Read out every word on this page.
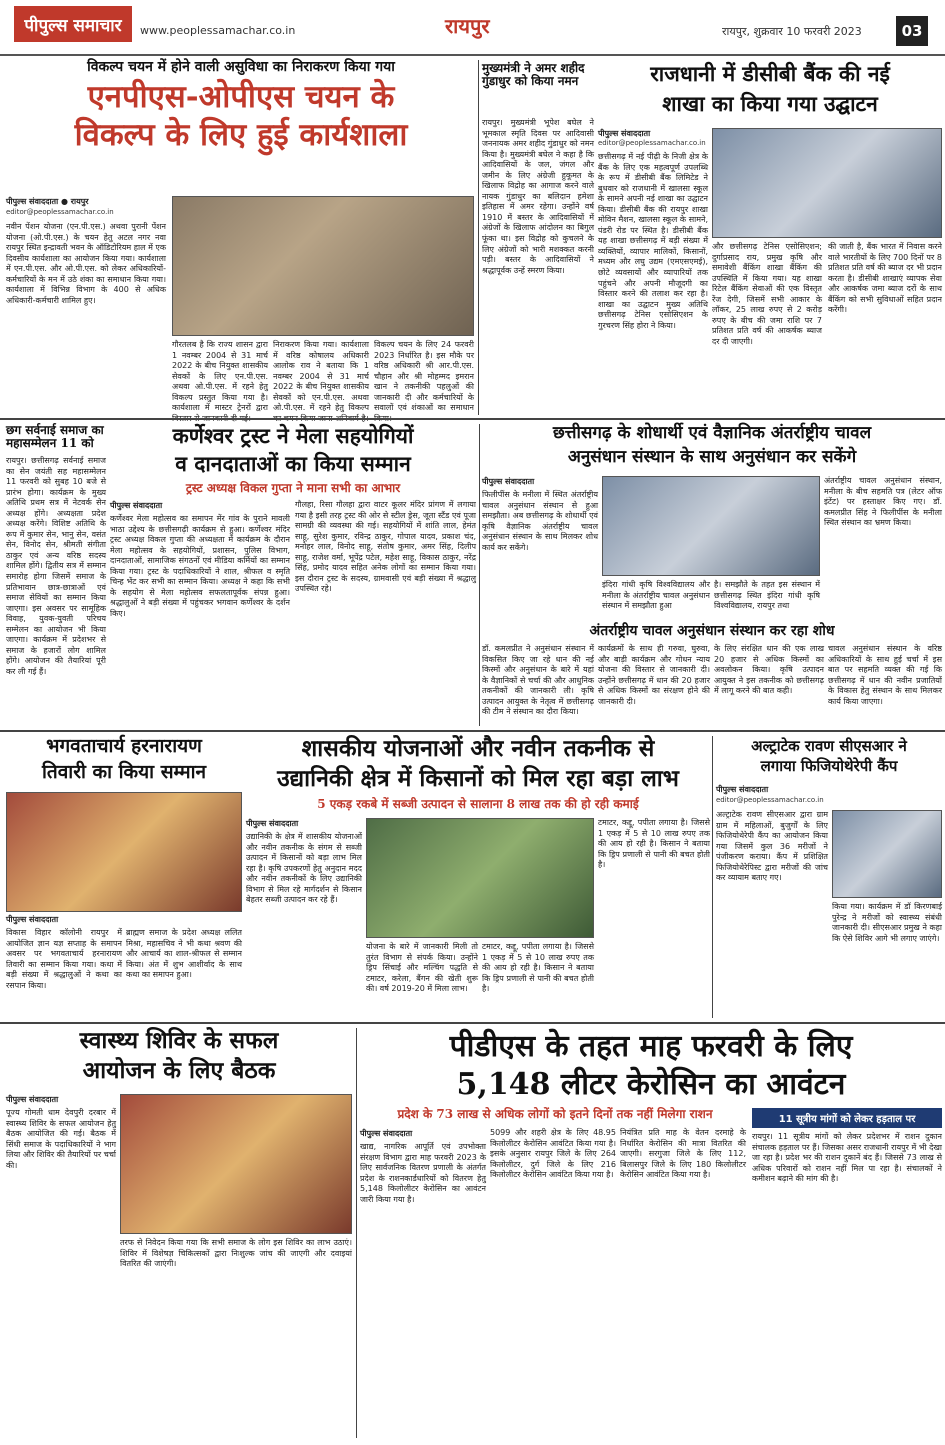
पीपुल्स समाचार	www.peoplessamachar.co.in	रायपुर	रायपुर, शुक्रवार 10 फरवरी 2023	03
विकल्प चयन में होने वाली असुविधा का निराकरण किया गया
एनपीएस-ओपीएस चयन के
विकल्प के लिए हुई कार्यशाला
पीपुल्स संवाददाता ● रायपुर
editor@peoplessamachar.co.in
नवीन पेंशन योजना (एन.पी.एस.) अथवा पुरानी पेंशन योजना (ओ.पी.एस.) के चयन हेतु अटल नगर नवा रायपुर स्थित इन्द्रावती भवन के ऑडिटोरियम हाल में एक दिवसीय कार्यशाला का आयोजन किया गया। कार्यशाला में एन.पी.एस. और ओ.पी.एस. को लेकर अधिकारियों-कर्मचारियों के मन में उठे शंका का समाधान किया गया। कार्यशाला में विभिन्न विभाग के 400 से अधिक अधिकारी-कर्मचारी शामिल हुए।
गौरतलब है कि राज्य शासन द्वारा 1 नवम्बर 2004 से 31 मार्च 2022 के बीच नियुक्त शासकीय सेवकों के लिए एन.पी.एस. अथवा ओ.पी.एस. में रहने हेतु विकल्प प्रस्तुत किया गया है। कार्यशाला में मास्टर ट्रेनरों द्वारा
निराकरण किया गया। कार्यशाला में वरिष्ठ कोषालय अधिकारी आलोक राव ने बताया कि 1 नवम्बर 2004 से 31 मार्च 2022 के बीच नियुक्त शासकीय सेवकों को एन.पी.एस. अथवा ओ.पी.एस. में रहने हेतु विकल्प
विकल्प चयन के लिए 24 फरवरी 2023 निर्धारित है। इस मौके पर वरिष्ठ अधिकारी श्री आर.पी.एस. चौहान और श्री मोहम्मद इमरान खान ने तकनीकी पहलुओं की जानकारी दी और कर्मचारियों के सवालों एवं शंकाओं का समाधान
मुख्यमंत्री ने अमर शहीद गुंडाधुर को किया नमन
रायपुर। मुख्यमंत्री भूपेश बघेल ने भूमकाल स्मृति दिवस पर आदिवासी जननायक अमर शहीद गुंडाधुर को नमन किया है। मुख्यमंत्री बघेल ने कहा है कि आदिवासियों के जल, जंगल और जमीन के लिए अंग्रेजी हुकूमत के खिलाफ विद्रोह का आगाज करने वाले नायक गुंडाधुर का बलिदान हमेशा इतिहास में अमर रहेगा। उन्होंने वर्ष 1910 में बस्तर के आदिवासियों में अंग्रेजों के खिलाफ आंदोलन का बिगुल फूंका था। इस विद्रोह को कुचलने के लिए अंग्रेजों को भारी मशक्कत करनी पड़ी। बस्तर के आदिवासियों ने श्रद्धापूर्वक उन्हें स्मरण किया।
राजधानी में डीसीबी बैंक की नई
शाखा का किया गया उद्घाटन
पीपुल्स संवाददाता
editor@peoplessamachar.co.in
छत्तीसगढ़ में नई पीढ़ी के निजी क्षेत्र के बैंक के लिए एक महत्वपूर्ण उपलब्धि के रूप में डीसीबी बैंक लिमिटेड ने बुधवार को राजधानी में खालसा स्कूल के सामने अपनी नई शाखा का उद्घाटन किया। डीसीबी बैंक की रायपुर शाखा मोविन मैशन, खालसा स्कूल के सामने, पंडरी रोड पर स्थित है। डीसीबी बैंक यह शाखा छत्तीसगढ़ में बड़ी संख्या में व्यक्तियों, व्यापार मालिकों, किसानों, मध्यम और लघु उद्यम (एमएसएमई), छोटे व्यवसायों और व्यापारियों तक पहुंचने और अपनी मौजूदगी का विस्तार करने की तलाश कर रहा है। शाखा का उद्घाटन मुख्य अतिथि छत्तीसगढ़ टेनिस एसोसिएशन के गुरचरण सिंह होरा ने किया।
और छत्तीसगढ़ टेनिस एसोसिएशन; दुर्गाप्रसाद राय, प्रमुख कृषि और समावेशी बैंकिंग शाखा बैंकिंग की उपस्थिति में किया गया। यह शाखा रिटेल बैंकिंग सेवाओं की एक विस्तृत रेंज देगी, जिसमें सभी आकार के लॉकर, 25 लाख रुपए से 2 करोड़ रुपए के बीच की जमा राशि पर 7 प्रतिशत प्रति वर्ष की आकर्षक ब्याज दर दी जाएगी।
की जाती है, बैंक भारत में निवास करने वाले भारतीयों के लिए 700 दिनों पर 8 प्रतिशत प्रति वर्ष की ब्याज दर भी प्रदान करता है। डीसीबी शाखाएं व्यापक सेवा और आकर्षक जमा ब्याज दरों के साथ बैंकिंग को सभी सुविधाओं सहित प्रदान करेंगी।
छग सर्वनाई समाज का महासम्मेलन 11 को
रायपुर। छत्तीसगढ़ सर्वनाई समाज का सेन जयंती सह महासम्मेलन 11 फरवरी को सुबह 10 बजे से प्रारंभ होगा। कार्यक्रम के मुख्य अतिथि प्रथम सत्र में नेटवर्क सेन अध्यक्ष होंगे। अध्यक्षता प्रदेश अध्यक्ष करेंगे। विशिष्ट अतिथि के रूप में कुमार सेन, भानु सेन, वसंत सेन, विनोद सेन, श्रीमती संगीता ठाकुर एवं अन्य वरिष्ठ सदस्य शामिल होंगे। द्वितीय सत्र में सम्मान समारोह होगा जिसमें समाज के प्रतिभावान छात्र-छात्राओं एवं समाज सेवियों का सम्मान किया जाएगा। इस अवसर पर सामूहिक विवाह, युवक-युवती परिचय सम्मेलन का आयोजन भी किया जाएगा। कार्यक्रम में प्रदेशभर से समाज के हजारों लोग शामिल होंगे। आयोजन की तैयारियां पूरी कर ली गई हैं।
कर्णेश्वर ट्रस्ट ने मेला सहयोगियों
व दानदाताओं का किया सम्मान
ट्रस्ट अध्यक्ष विकल गुप्ता ने माना सभी का आभार
पीपुल्स संवाददाता
कर्णेश्वर मेला महोत्सव का समापन मेंर गांव के पुराने मावली भाठा उद्देश्य के छत्तीसगढ़ी कार्यक्रम से हुआ। कर्णेश्वर मंदिर ट्रस्ट अध्यक्ष विकल गुप्ता की अध्यक्षता में कार्यक्रम के दौरान मेला महोत्सव के सहयोगियों, प्रशासन, पुलिस विभाग, दानदाताओं, सामाजिक संगठनों एवं मीडिया कर्मियों का सम्मान किया गया। ट्रस्ट के पदाधिकारियों ने शाल, श्रीफल व स्मृति चिन्ह भेंट कर सभी का सम्मान किया। अध्यक्ष ने कहा कि सभी के सहयोग से मेला महोत्सव सफलतापूर्वक संपन्न हुआ। श्रद्धालुओं ने बड़ी संख्या में पहुंचकर भगवान कर्णेश्वर के दर्शन किए।
गौलहा, रिसा गौलहा द्वारा वाटर कूलर मंदिर प्रांगण में लगाया गया है इसी तरह ट्रस्ट की ओर से स्टील ड्रेस, जूता स्टैंड एवं पूजा सामग्री की व्यवस्था की गई। सहयोगियों में शांति लाल, हेमंत साहू, सुरेश कुमार, रविन्द्र ठाकुर, गोपाल यादव, प्रकाश चंद, मनोहर लाल, विनोद साहू, संतोष कुमार, अमर सिंह, दिलीप साहू, राजेश वर्मा, भूपेंद्र पटेल, महेश साहू, विकास ठाकुर, नरेंद्र सिंह, प्रमोद यादव सहित अनेक लोगों का सम्मान किया गया। इस दौरान ट्रस्ट के सदस्य, ग्रामवासी एवं बड़ी संख्या में श्रद्धालु उपस्थित रहे।
छत्तीसगढ़ के शोधार्थी एवं वैज्ञानिक अंतर्राष्ट्रीय चावल
अनुसंधान संस्थान के साथ अनुसंधान कर सकेंगे
पीपुल्स संवाददाता
फिलीपींस के मनीला में स्थित अंतर्राष्ट्रीय चावल अनुसंधान संस्थान से हुआ समझौता। अब छत्तीसगढ़ के शोधार्थी एवं कृषि वैज्ञानिक अंतर्राष्ट्रीय चावल अनुसंधान संस्थान के साथ मिलकर शोध कार्य कर सकेंगे।
इंदिरा गांधी कृषि विश्वविद्यालय और मनीला के अंतर्राष्ट्रीय चावल अनुसंधान संस्थान में समझौता हुआ
है। समझौते के तहत इस संस्थान में छत्तीसगढ़ स्थित इंदिरा गांधी कृषि विश्वविद्यालय, रायपुर तथा
अंतर्राष्ट्रीय चावल अनुसंधान संस्थान, मनीला के बीच सहमति पत्र (लेटर ऑफ इंटेंट) पर हस्ताक्षर किए गए। डॉ. कमलप्रीत सिंह ने फिलीपींस के मनीला स्थित संस्थान का भ्रमण किया।
अंतर्राष्ट्रीय चावल अनुसंधान संस्थान कर रहा शोध
डॉ. कमलप्रीत ने अनुसंधान संस्थान में विकसित किए जा रहे धान की नई किस्मों और अनुसंधान के बारे में यहां के वैज्ञानिकों से चर्चा की और आधुनिक तकनीकों की जानकारी ली। कृषि उत्पादन आयुक्त के नेतृत्व में छत्तीसगढ़ की टीम ने संस्थान का दौरा किया।
कार्यक्रमों के साथ ही गरुवा, घुरुवा, और बाड़ी कार्यक्रम और गोधन न्याय योजना की विस्तार से जानकारी दी। उन्होंने छत्तीसगढ़ में धान की 20 हजार से अधिक किस्मों का संरक्षण होने की जानकारी दी।
के लिए संरक्षित धान की एक लाख 20 हजार से अधिक किस्मों का अवलोकन किया। कृषि उत्पादन आयुक्त ने इस तकनीक को छत्तीसगढ़ में लागू करने की बात कही।
चावल अनुसंधान संस्थान के वरिष्ठ अधिकारियों के साथ हुई चर्चा में इस बात पर सहमति व्यक्त की गई कि छत्तीसगढ़ में धान की नवीन प्रजातियों के विकास हेतु संस्थान के साथ मिलकर कार्य किया जाएगा।
भगवताचार्य हरनारायण
तिवारी का किया सम्मान
पीपुल्स संवाददाता
विकास विहार कॉलोनी रायपुर में आयोजित ज्ञान यज्ञ सप्ताह के समापन अवसर पर भगवताचार्य हरनारायण तिवारी का सम्मान किया गया। कथा में बड़ी संख्या में श्रद्धालुओं ने कथा का रसपान किया।
ब्राह्मण समाज के प्रदेश अध्यक्ष ललित मिश्रा, महासचिव ने भी कथा श्रवण की और आचार्य का शाल-श्रीफल से सम्मान किया। अंत में शुभ आशीर्वाद के साथ कथा का समापन हुआ।
शासकीय योजनाओं और नवीन तकनीक से
उद्यानिकी क्षेत्र में किसानों को मिल रहा बड़ा लाभ
5 एकड़ रकबे में सब्जी उत्पादन से सालाना 8 लाख तक की हो रही कमाई
पीपुल्स संवाददाता
उद्यानिकी के क्षेत्र में शासकीय योजनाओं और नवीन तकनीक के संगम से सब्जी उत्पादन में किसानों को बड़ा लाभ मिल रहा है। कृषि उपकरणों हेतु अनुदान मदद और नवीन तकनीकों के लिए उद्यानिकी विभाग से मिल रहे मार्गदर्शन से किसान बेहतर सब्जी उत्पादन कर रहे हैं।
योजना के बारे में जानकारी मिली तो तुरंत विभाग से संपर्क किया। उन्होंने ड्रिप सिंचाई और मल्चिंग पद्धति से टमाटर, करेला, बैंगन की खेती शुरू की। वर्ष 2019-20 में मिला लाभ।
टमाटर, कद्दू, पपीता लगाया है। जिससे 1 एकड़ में 5 से 10 लाख रुपए तक की आय हो रही है। किसान ने बताया कि ड्रिप प्रणाली से पानी की बचत होती है।
टमाटर, कद्दू, पपीता लगाया है। जिससे 1 एकड़ में 5 से 10 लाख रुपए तक की आय हो रही है। किसान ने बताया कि ड्रिप प्रणाली से पानी की बचत होती है।
अल्ट्राटेक रावण सीएसआर ने
लगाया फिजियोथेरेपी कैंप
पीपुल्स संवाददाता
editor@peoplessamachar.co.in
अल्ट्राटेक रावण सीएसआर द्वारा ग्राम ग्राम में महिलाओं, बुजुर्गों के लिए फिजियोथेरेपी कैंप का आयोजन किया गया जिसमें कुल 36 मरीजों ने पंजीकरण कराया। कैंप में प्रशिक्षित फिजियोथेरेपिस्ट द्वारा मरीजों की जांच कर व्यायाम बताए गए।
किया गया। कार्यक्रम में डॉ किरणबाई पुरेन्द्र ने मरीजों को स्वास्थ्य संबंधी जानकारी दी। सीएसआर प्रमुख ने कहा कि ऐसे शिविर आगे भी लगाए जाएंगे।
स्वास्थ्य शिविर के सफल
आयोजन के लिए बैठक
पीपुल्स संवाददाता
पूज्य गोमती धाम देवपुरी दरबार में स्वास्थ्य शिविर के सफल आयोजन हेतु बैठक आयोजित की गई। बैठक में सिंधी समाज के पदाधिकारियों ने भाग लिया और शिविर की तैयारियों पर चर्चा की।
तरफ से निवेदन किया गया कि सभी समाज के लोग इस शिविर का लाभ उठाएं। शिविर में विशेषज्ञ चिकित्सकों द्वारा निःशुल्क जांच की जाएगी और दवाइयां वितरित की जाएंगी।
पीडीएस के तहत माह फरवरी के लिए
5,148 लीटर केरोसिन का आवंटन
प्रदेश के 73 लाख से अधिक लोगों को इतने दिनों तक नहीं मिलेगा राशन
पीपुल्स संवाददाता
खाद्य, नागरिक आपूर्ति एवं उपभोक्ता संरक्षण विभाग द्वारा माह फरवरी 2023 के लिए सार्वजनिक वितरण प्रणाली के अंतर्गत प्रदेश के राशनकार्डधारियों को वितरण हेतु 5,148 किलोलीटर केरोसिन का आवंटन जारी किया गया है।
5099 और शहरी क्षेत्र के लिए 48.95 किलोलीटर केरोसिन आवंटित किया गया है। इसके अनुसार रायपुर जिले के लिए 264 किलोलीटर, दुर्ग जिले के लिए 216 किलोलीटर केरोसिन आवंटित किया गया है।
नियंत्रित प्रति माह के वेतन दरमाहे के निर्धारित केरोसिन की मात्रा वितरित की जाएगी। सरगुजा जिले के लिए 112, बिलासपुर जिले के लिए 180 किलोलीटर केरोसिन आवंटित किया गया है।
11 सूत्रीय मांगों को लेकर हड़ताल पर
रायपुर। 11 सूत्रीय मांगों को लेकर प्रदेशभर में राशन दुकान संचालक हड़ताल पर हैं। जिसका असर राजधानी रायपुर में भी देखा जा रहा है। प्रदेश भर की राशन दुकानें बंद हैं। जिससे 73 लाख से अधिक परिवारों को राशन नहीं मिल पा रहा है। संचालकों ने कमीशन बढ़ाने की मांग की है।
